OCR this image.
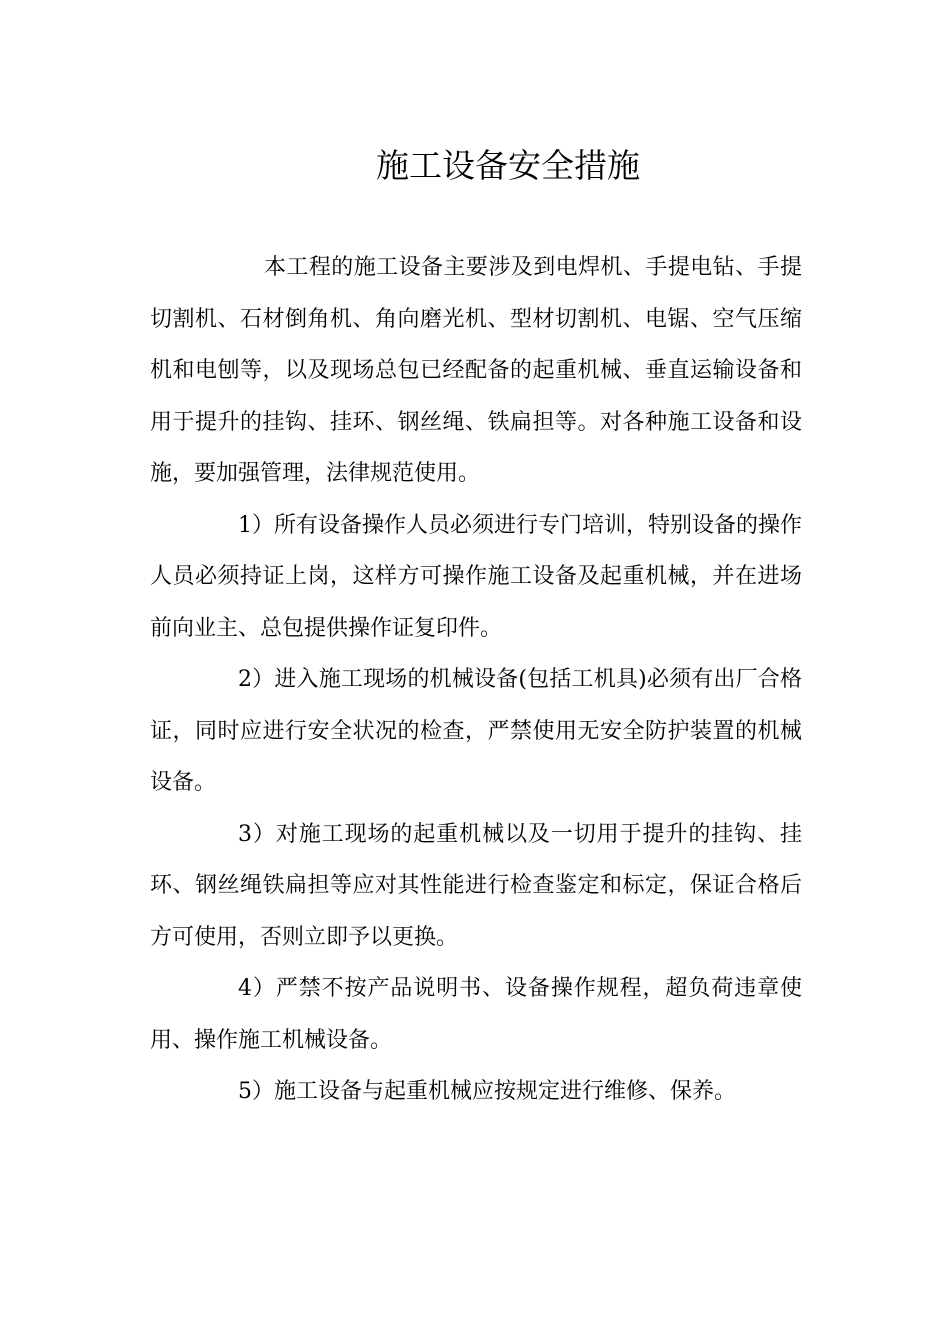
施工设备安全措施

本工程的施工设备主要涉及到电焊机、手提电钻、手提切割机、石材倒角机、角向磨光机、型材切割机、电锯、空气压缩机和电刨等，以及现场总包已经配备的起重机械、垂直运输设备和用于提升的挂钩、挂环、钢丝绳、铁扁担等。对各种施工设备和设施，要加强管理，法律规范使用。

1）所有设备操作人员必须进行专门培训，特别设备的操作人员必须持证上岗，这样方可操作施工设备及起重机械，并在进场前向业主、总包提供操作证复印件。

2）进入施工现场的机械设备(包括工机具)必须有出厂合格证，同时应进行安全状况的检查，严禁使用无安全防护装置的机械设备。

3）对施工现场的起重机械以及一切用于提升的挂钩、挂环、钢丝绳铁扁担等应对其性能进行检查鉴定和标定，保证合格后方可使用，否则立即予以更换。

4）严禁不按产品说明书、设备操作规程，超负荷违章使用、操作施工机械设备。

5）施工设备与起重机械应按规定进行维修、保养。
